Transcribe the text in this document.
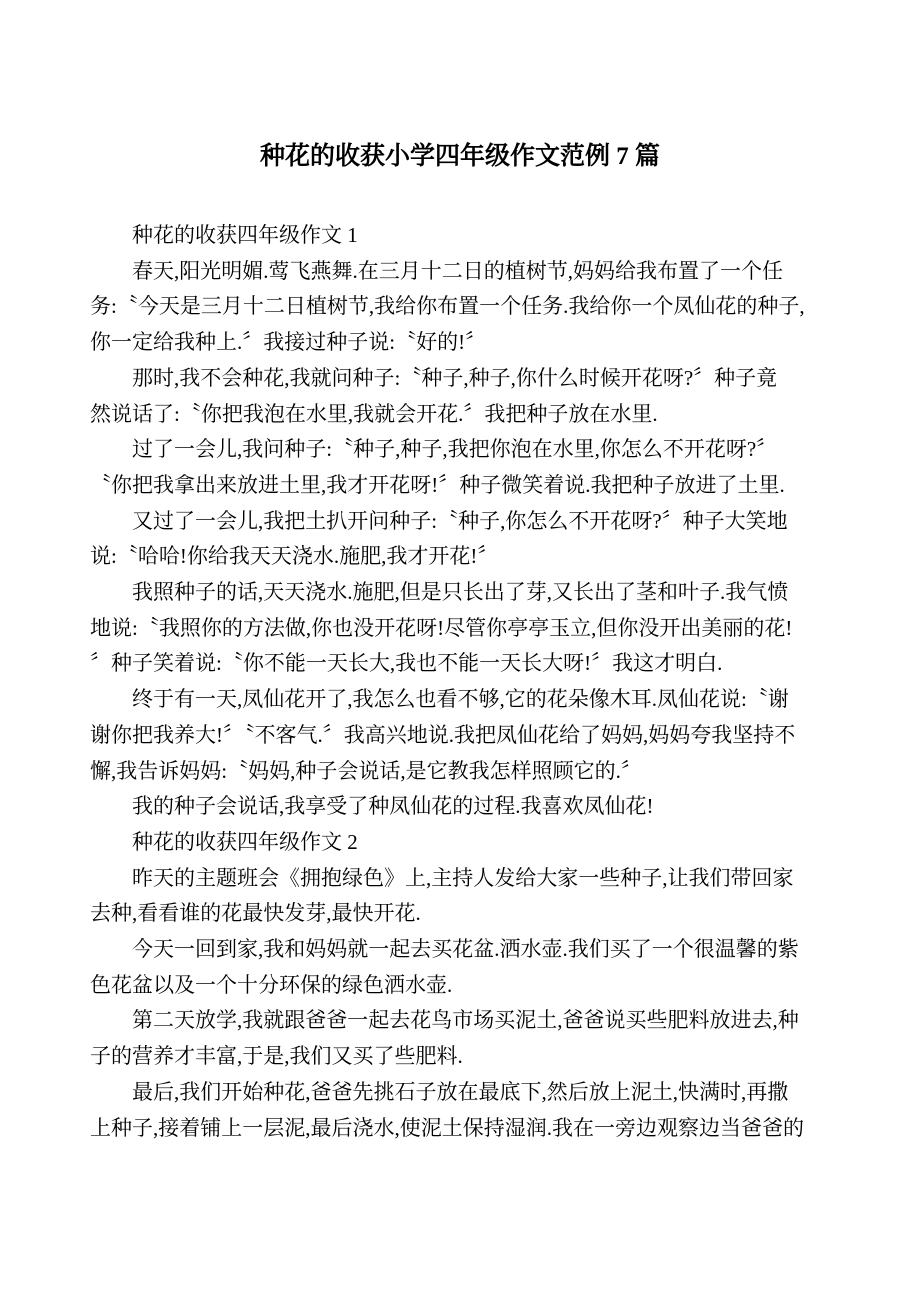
种花的收获小学四年级作文范例 7 篇
种花的收获四年级作文 1
春天,阳光明媚.莺飞燕舞.在三月十二日的植树节,妈妈给我布置了一个任
务:〝今天是三月十二日植树节,我给你布置一个任务.我给你一个凤仙花的种子,
你一定给我种上.〞我接过种子说:〝好的!〞
那时,我不会种花,我就问种子:〝种子,种子,你什么时候开花呀?〞种子竟
然说话了:〝你把我泡在水里,我就会开花.〞我把种子放在水里.
过了一会儿,我问种子:〝种子,种子,我把你泡在水里,你怎么不开花呀?〞
〝你把我拿出来放进土里,我才开花呀!〞种子微笑着说.我把种子放进了土里.
又过了一会儿,我把土扒开问种子:〝种子,你怎么不开花呀?〞种子大笑地
说:〝哈哈!你给我天天浇水.施肥,我才开花!〞
我照种子的话,天天浇水.施肥,但是只长出了芽,又长出了茎和叶子.我气愤
地说:〝我照你的方法做,你也没开花呀!尽管你亭亭玉立,但你没开出美丽的花!
〞种子笑着说:〝你不能一天长大,我也不能一天长大呀!〞我这才明白.
终于有一天,凤仙花开了,我怎么也看不够,它的花朵像木耳.凤仙花说:〝谢
谢你把我养大!〞〝不客气.〞我高兴地说.我把凤仙花给了妈妈,妈妈夸我坚持不
懈,我告诉妈妈:〝妈妈,种子会说话,是它教我怎样照顾它的.〞
我的种子会说话,我享受了种凤仙花的过程.我喜欢凤仙花!
种花的收获四年级作文 2
昨天的主题班会《拥抱绿色》上,主持人发给大家一些种子,让我们带回家
去种,看看谁的花最快发芽,最快开花.
今天一回到家,我和妈妈就一起去买花盆.洒水壶.我们买了一个很温馨的紫
色花盆以及一个十分环保的绿色洒水壶.
第二天放学,我就跟爸爸一起去花鸟市场买泥土,爸爸说买些肥料放进去,种
子的营养才丰富,于是,我们又买了些肥料.
最后,我们开始种花,爸爸先挑石子放在最底下,然后放上泥土,快满时,再撒
上种子,接着铺上一层泥,最后浇水,使泥土保持湿润.我在一旁边观察边当爸爸的
